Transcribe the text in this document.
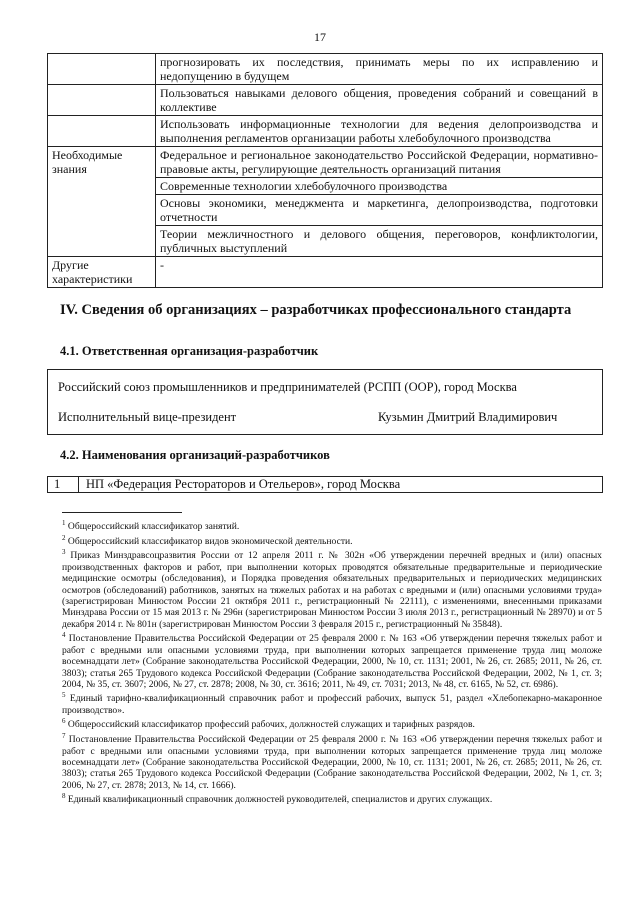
17
	прогнозировать их последствия, принимать меры по их исправлению и недопущению в будущем
	Пользоваться навыками делового общения, проведения собраний и совещаний в коллективе
	Использовать информационные технологии для ведения делопроизводства и выполнения регламентов организации работы хлебобулочного производства
Необходимые знания	Федеральное и региональное законодательство Российской Федерации, нормативно-правовые акты, регулирующие деятельность организаций питания
	Современные технологии хлебобулочного производства
	Основы экономики, менеджмента и маркетинга, делопроизводства, подготовки отчетности
	Теории межличностного и делового общения, переговоров, конфликтологии, публичных выступлений
Другие характеристики	-
IV. Сведения об организациях – разработчиках профессионального стандарта
4.1. Ответственная организация-разработчик
Российский союз промышленников и предпринимателей (РСПП (ООР), город Москва
Исполнительный вице-президент	Кузьмин Дмитрий Владимирович
4.2. Наименования организаций-разработчиков
1 НП «Федерация Рестораторов и Отельеров», город Москва

$^1$ Общероссийский классификатор занятий.

$^2$ Общероссийский классификатор видов экономической деятельности.

$^3$ Приказ Минздравсоцразвития России от 12 апреля 2011 г. № 302н «Об утверждении перечней вредных и (или) опасных производственных факторов и работ, при выполнении которых проводятся обязательные предварительные и периодические медицинские осмотры (обследования), и Порядка проведения обязательных предварительных и периодических медицинских осмотров (обследований) работников, занятых на тяжелых работах и на работах с вредными и (или) опасными условиями труда» (зарегистрирован Минюстом России 21 октября 2011 г., регистрационный № 22111), с изменениями, внесенными приказами Минздрава России от 15 мая 2013 г. № 296н (зарегистрирован Минюстом России 3 июля 2013 г., регистрационный № 28970) и от 5 декабря 2014 г. № 801н (зарегистрирован Минюстом России 3 февраля 2015 г., регистрационный № 35848).

$^4$ Постановление Правительства Российской Федерации от 25 февраля 2000 г. № 163 «Об утверждении перечня тяжелых работ и работ с вредными или опасными условиями труда, при выполнении которых запрещается применение труда лиц моложе восемнадцати лет» (Собрание законодательства Российской Федерации, 2000, № 10, ст. 1131; 2001, № 26, ст. 2685; 2011, № 26, ст. 3803); статья 265 Трудового кодекса Российской Федерации (Собрание законодательства Российской Федерации, 2002, № 1, ст. 3; 2004, № 35, ст. 3607; 2006, № 27, ст. 2878; 2008, № 30, ст. 3616; 2011, № 49, ст. 7031; 2013, № 48, ст. 6165, № 52, ст. 6986).

$^5$ Единый тарифно-квалификационный справочник работ и профессий рабочих, выпуск 51, раздел «Хлебопекарно-макаронное производство».

$^6$ Общероссийский классификатор профессий рабочих, должностей служащих и тарифных разрядов.

$^7$ Постановление Правительства Российской Федерации от 25 февраля 2000 г. № 163 «Об утверждении перечня тяжелых работ и работ с вредными или опасными условиями труда, при выполнении которых запрещается применение труда лиц моложе восемнадцати лет» (Собрание законодательства Российской Федерации, 2000, № 10, ст. 1131; 2001, № 26, ст. 2685; 2011, № 26, ст. 3803); статья 265 Трудового кодекса Российской Федерации (Собрание законодательства Российской Федерации, 2002, № 1, ст. 3; 2006, № 27, ст. 2878; 2013, № 14, ст. 1666).

$^8$ Единый квалификационный справочник должностей руководителей, специалистов и других служащих.
